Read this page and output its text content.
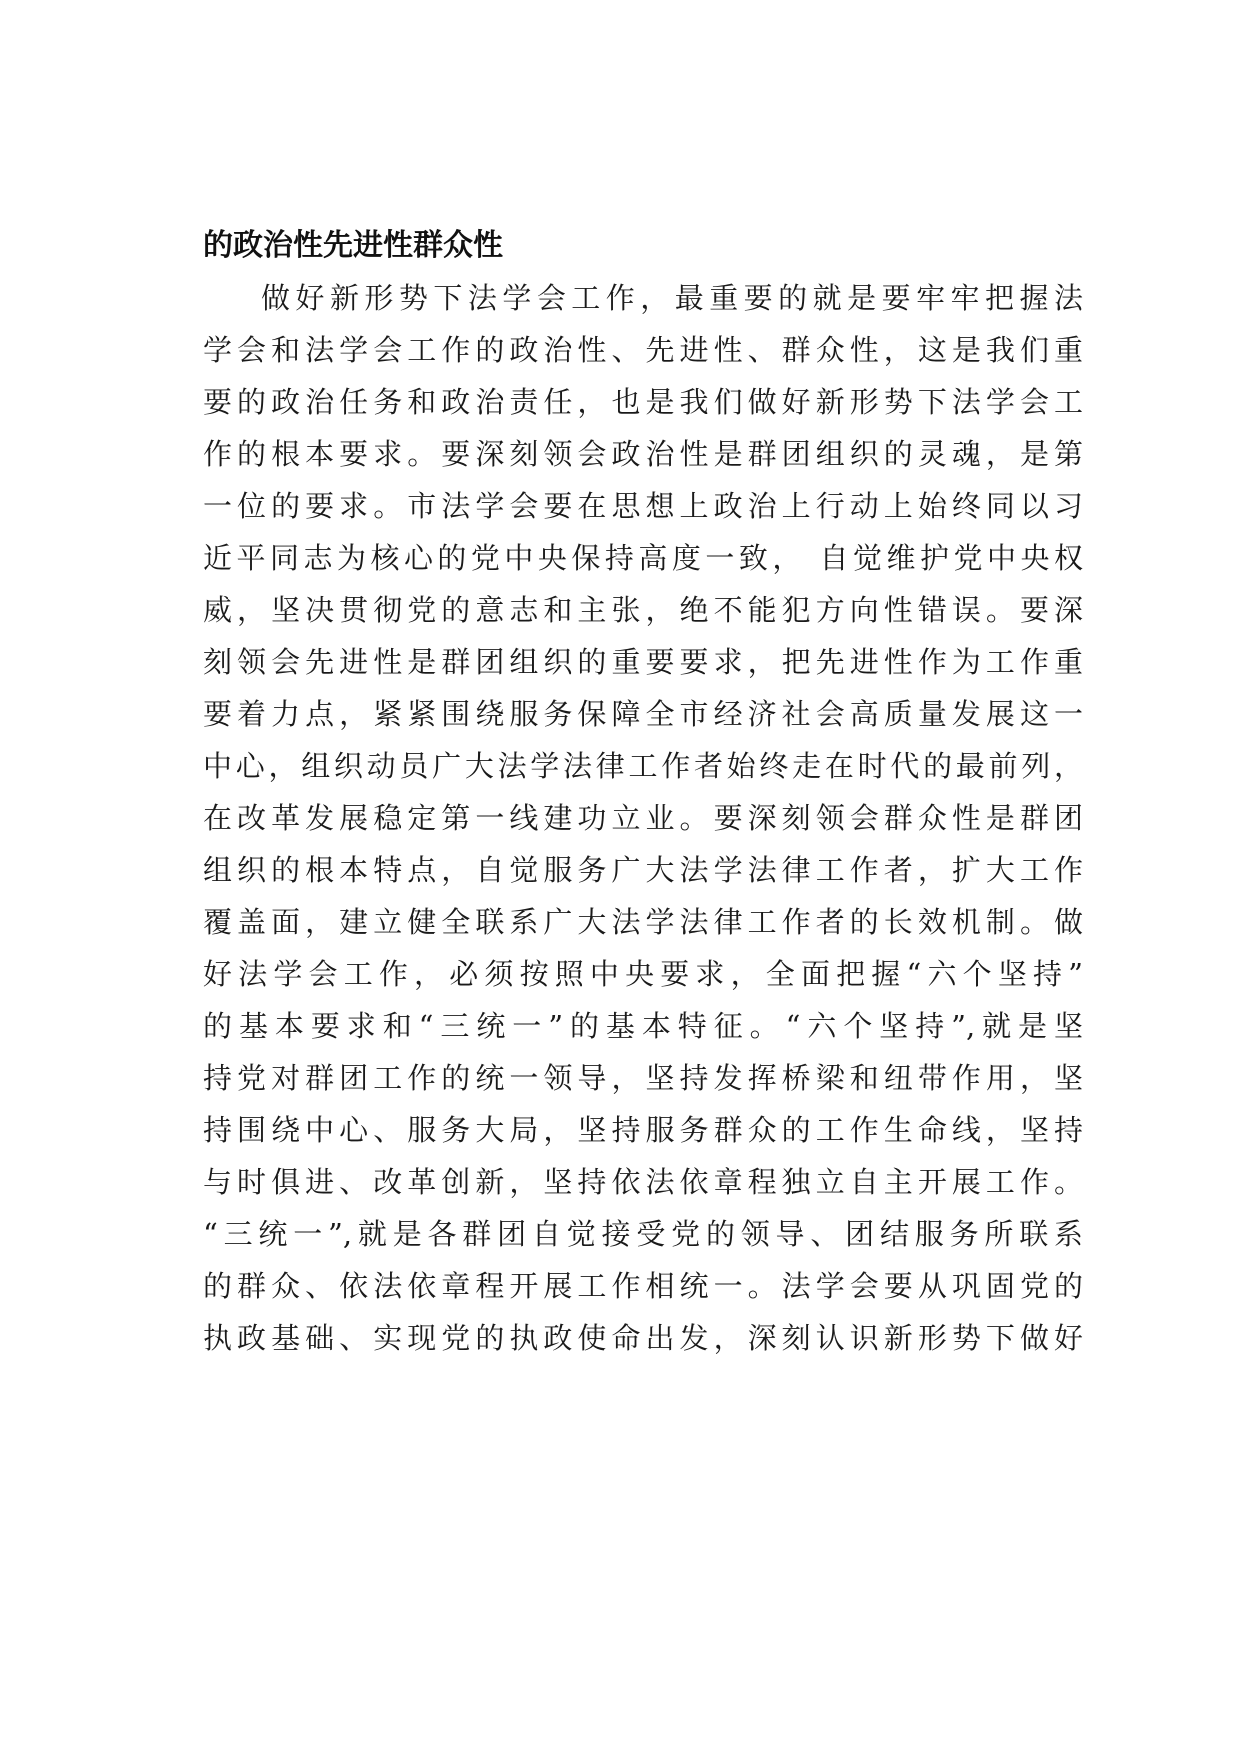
的政治性先进性群众性
做好新形势下法学会工作，最重要的就是要牢牢把握法
学会和法学会工作的政治性、先进性、群众性，这是我们重
要的政治任务和政治责任，也是我们做好新形势下法学会工
作的根本要求。要深刻领会政治性是群团组织的灵魂，是第
一位的要求。市法学会要在思想上政治上行动上始终同以习
近平同志为核心的党中央保持高度一致， 自觉维护党中央权
威，坚决贯彻党的意志和主张，绝不能犯方向性错误。要深
刻领会先进性是群团组织的重要要求，把先进性作为工作重
要着力点，紧紧围绕服务保障全市经济社会高质量发展这一
中心，组织动员广大法学法律工作者始终走在时代的最前列，
在改革发展稳定第一线建功立业。要深刻领会群众性是群团
组织的根本特点，自觉服务广大法学法律工作者，扩大工作
覆盖面，建立健全联系广大法学法律工作者的长效机制。做
好法学会工作，必须按照中央要求，全面把握“六个坚持”
的基本要求和“三统一”的基本特征。“六个坚持”,就是坚
持党对群团工作的统一领导，坚持发挥桥梁和纽带作用，坚
持围绕中心、服务大局，坚持服务群众的工作生命线，坚持
与时俱进、改革创新，坚持依法依章程独立自主开展工作。
“三统一”,就是各群团自觉接受党的领导、团结服务所联系
的群众、依法依章程开展工作相统一。法学会要从巩固党的
执政基础、实现党的执政使命出发，深刻认识新形势下做好
